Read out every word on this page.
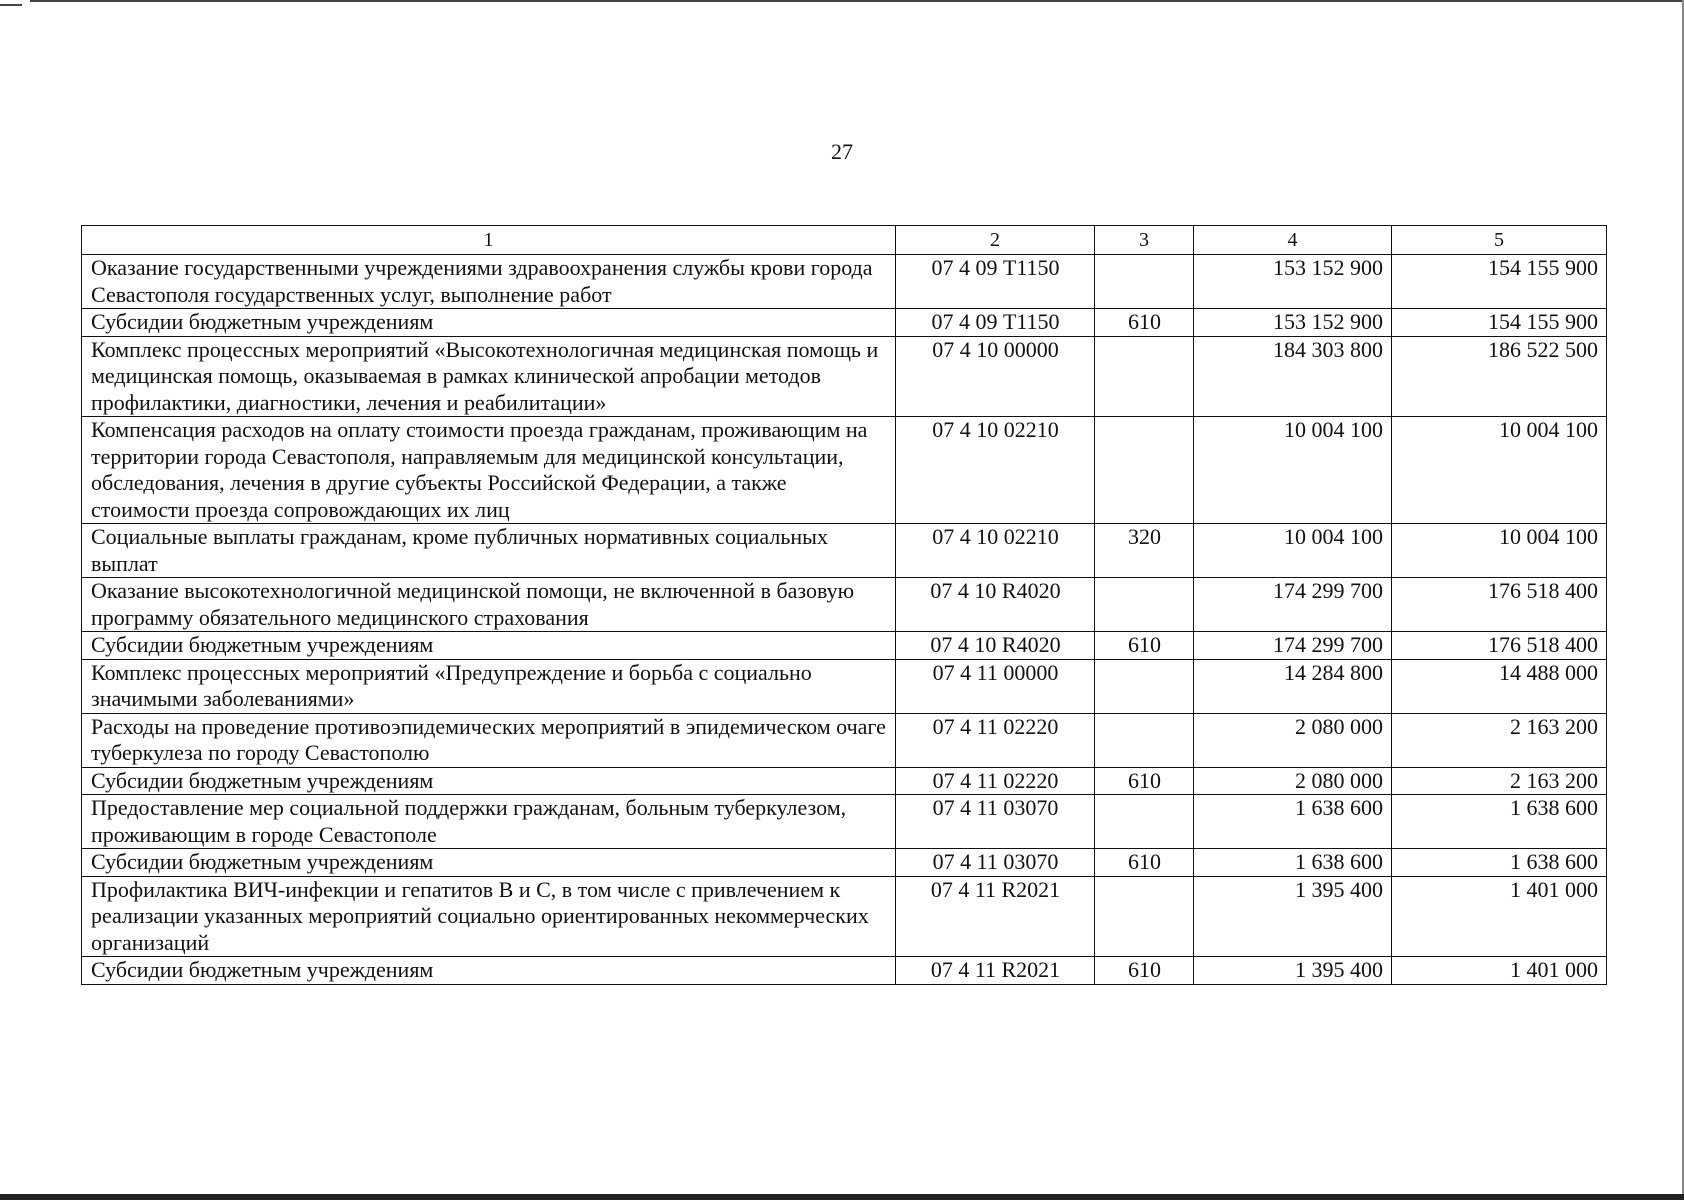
27
1	2	3	4	5
Оказание государственными учреждениями здравоохранения службы крови города Севастополя государственных услуг, выполнение работ	07 4 09 Т1150		153 152 900	154 155 900
Субсидии бюджетным учреждениям	07 4 09 Т1150	610	153 152 900	154 155 900
Комплекс процессных мероприятий «Высокотехнологичная медицинская помощь и медицинская помощь, оказываемая в рамках клинической апробации методов профилактики, диагностики, лечения и реабилитации»	07 4 10 00000		184 303 800	186 522 500
Компенсация расходов на оплату стоимости проезда гражданам, проживающим на территории города Севастополя, направляемым для медицинской консультации, обследования, лечения в другие субъекты Российской Федерации, а также стоимости проезда сопровождающих их лиц	07 4 10 02210		10 004 100	10 004 100
Социальные выплаты гражданам, кроме публичных нормативных социальных выплат	07 4 10 02210	320	10 004 100	10 004 100
Оказание высокотехнологичной медицинской помощи, не включенной в базовую программу обязательного медицинского страхования	07 4 10 R4020		174 299 700	176 518 400
Субсидии бюджетным учреждениям	07 4 10 R4020	610	174 299 700	176 518 400
Комплекс процессных мероприятий «Предупреждение и борьба с социально значимыми заболеваниями»	07 4 11 00000		14 284 800	14 488 000
Расходы на проведение противоэпидемических мероприятий в эпидемическом очаге туберкулеза по городу Севастополю	07 4 11 02220		2 080 000	2 163 200
Субсидии бюджетным учреждениям	07 4 11 02220	610	2 080 000	2 163 200
Предоставление мер социальной поддержки гражданам, больным туберкулезом, проживающим в городе Севастополе	07 4 11 03070		1 638 600	1 638 600
Субсидии бюджетным учреждениям	07 4 11 03070	610	1 638 600	1 638 600
Профилактика ВИЧ-инфекции и гепатитов В и С, в том числе с привлечением к реализации указанных мероприятий социально ориентированных некоммерческих организаций	07 4 11 R2021		1 395 400	1 401 000
Субсидии бюджетным учреждениям	07 4 11 R2021	610	1 395 400	1 401 000
